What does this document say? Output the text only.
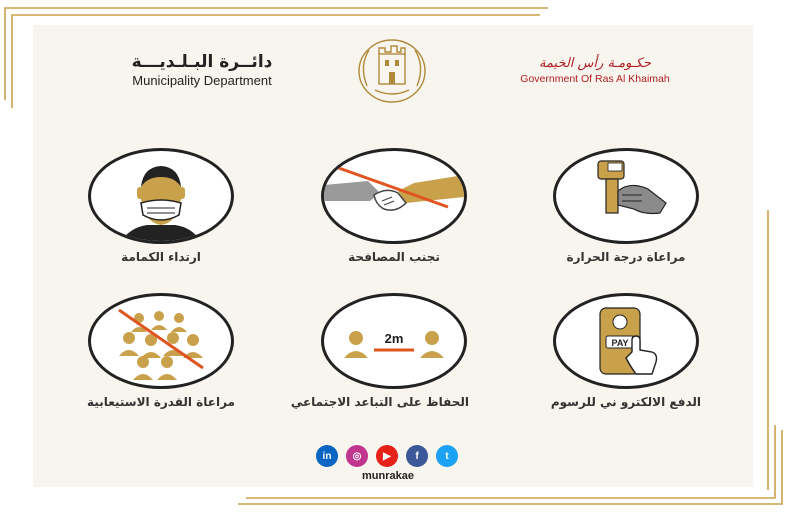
دائــرة البـلـديـــة
Municipality Department
حكـومـة رأس الخيمة
Government Of Ras Al Khaimah
ارتداء الكمامة	تجنب المصافحة	مراعاة درجة الحرارة
مراعاة القدرة الاستيعابية
2m
الحفاظ على التباعد الاجتماعي
PAY
الدفع الالكترو ني للرسوم
in	◎	▶	f	t
munrakae
